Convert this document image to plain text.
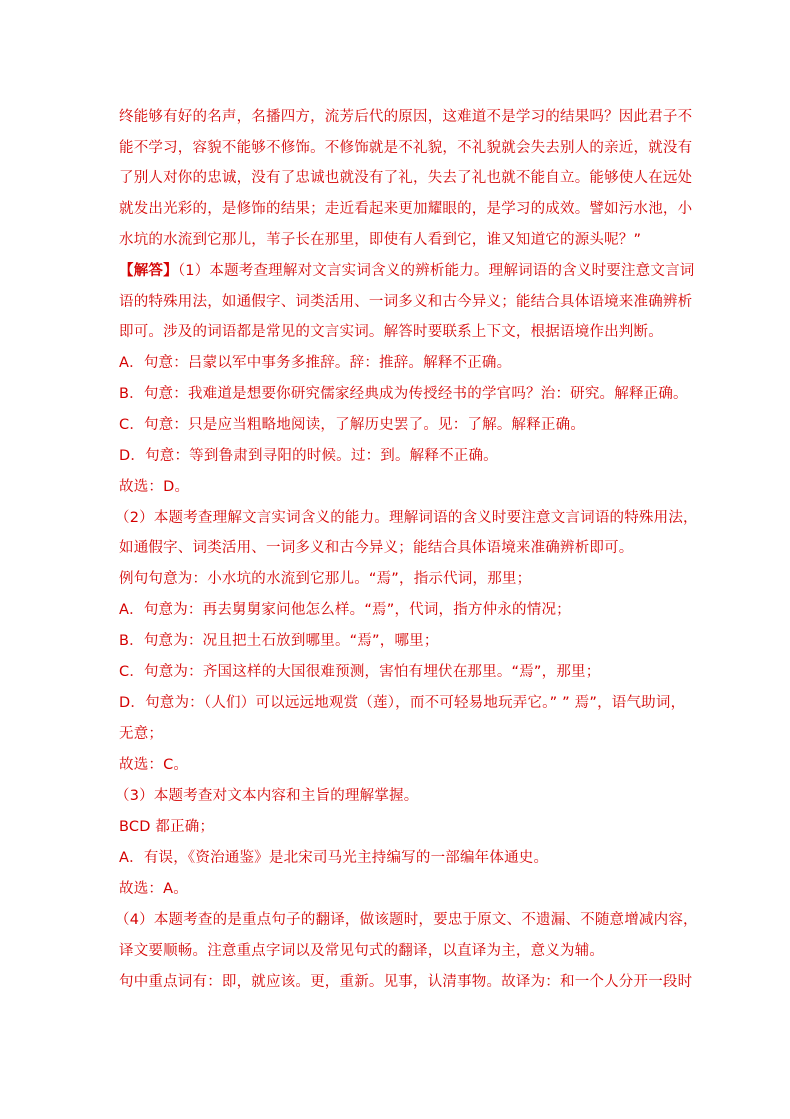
终能够有好的名声，名播四方，流芳后代的原因，这难道不是学习的结果吗？因此君子不
能不学习，容貌不能够不修饰。不修饰就是不礼貌，不礼貌就会失去别人的亲近，就没有
了别人对你的忠诚，没有了忠诚也就没有了礼，失去了礼也就不能自立。能够使人在远处
就发出光彩的，是修饰的结果；走近看起来更加耀眼的，是学习的成效。譬如污水池，小
水坑的水流到它那儿，苇子长在那里，即使有人看到它，谁又知道它的源头呢？”
【解答】（1）本题考查理解对文言实词含义的辨析能力。理解词语的含义时要注意文言词
语的特殊用法，如通假字、词类活用、一词多义和古今异义；能结合具体语境来准确辨析
即可。涉及的词语都是常见的文言实词。解答时要联系上下文，根据语境作出判断。
A．句意：吕蒙以军中事务多推辞。辞：推辞。解释不正确。
B．句意：我难道是想要你研究儒家经典成为传授经书的学官吗？治：研究。解释正确。
C．句意：只是应当粗略地阅读，了解历史罢了。见：了解。解释正确。
D．句意：等到鲁肃到寻阳的时候。过：到。解释不正确。
故选：D。
（2）本题考查理解文言实词含义的能力。理解词语的含义时要注意文言词语的特殊用法，
如通假字、词类活用、一词多义和古今异义；能结合具体语境来准确辨析即可。
例句句意为：小水坑的水流到它那儿。“焉”，指示代词，那里；
A．句意为：再去舅舅家问他怎么样。“焉”，代词，指方仲永的情况；
B．句意为：况且把土石放到哪里。“焉”，哪里；
C．句意为：齐国这样的大国很难预测，害怕有埋伏在那里。“焉”，那里；
D．句意为：（人们）可以远远地观赏（莲），而不可轻易地玩弄它。” ” 焉”，语气助词，
无意；
故选：C。
（3）本题考查对文本内容和主旨的理解掌握。
BCD 都正确；
A．有误，《资治通鉴》是北宋司马光主持编写的一部编年体通史。
故选：A。
（4）本题考查的是重点句子的翻译，做该题时，要忠于原文、不遗漏、不随意增减内容，
译文要顺畅。注意重点字词以及常见句式的翻译，以直译为主，意义为辅。
句中重点词有：即，就应该。更，重新。见事，认清事物。故译为：和一个人分开一段时
